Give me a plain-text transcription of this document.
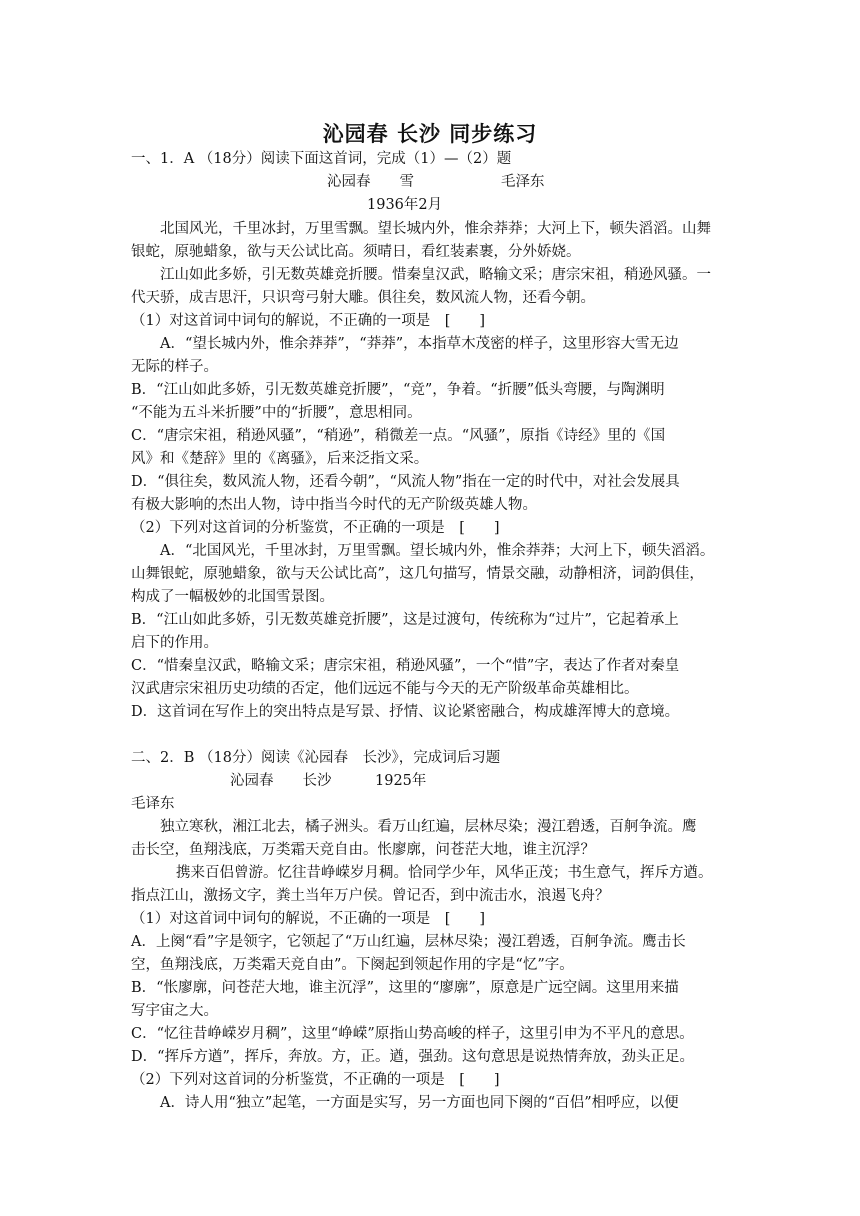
沁园春 长沙 同步练习
一、1．A （18分）阅读下面这首词，完成（1）—（2）题
沁园春　　雪　　　　　　毛泽东
1936年2月
北国风光，千里冰封，万里雪飘。望长城内外，惟余莽莽；大河上下，顿失滔滔。山舞
银蛇，原驰蜡象，欲与天公试比高。须晴日，看红装素裹，分外娇娆。
江山如此多娇，引无数英雄竞折腰。惜秦皇汉武，略输文采；唐宗宋祖，稍逊风骚。一
代天骄，成吉思汗，只识弯弓射大雕。俱往矣，数风流人物，还看今朝。
（1）对这首词中词句的解说，不正确的一项是　[　　]
A．“望长城内外，惟余莽莽”，“莽莽”，本指草木茂密的样子，这里形容大雪无边
无际的样子。
B．“江山如此多娇，引无数英雄竞折腰”，“竞”，争着。“折腰”低头弯腰，与陶渊明
“不能为五斗米折腰”中的“折腰”，意思相同。
C．“唐宗宋祖，稍逊风骚”，“稍逊”，稍微差一点。“风骚”，原指《诗经》里的《国
风》和《楚辞》里的《离骚》，后来泛指文采。
D．“俱往矣，数风流人物，还看今朝”，“风流人物”指在一定的时代中，对社会发展具
有极大影响的杰出人物，诗中指当今时代的无产阶级英雄人物。
（2）下列对这首词的分析鉴赏，不正确的一项是　[　　]
A．“北国风光，千里冰封，万里雪飘。望长城内外，惟余莽莽；大河上下，顿失滔滔。
山舞银蛇，原驰蜡象，欲与天公试比高”，这几句描写，情景交融，动静相济，词韵俱佳，
构成了一幅极妙的北国雪景图。
B．“江山如此多娇，引无数英雄竞折腰”，这是过渡句，传统称为“过片”，它起着承上
启下的作用。
C．“惜秦皇汉武，略输文采；唐宗宋祖，稍逊风骚”，一个“惜”字，表达了作者对秦皇
汉武唐宗宋祖历史功绩的否定，他们远远不能与今天的无产阶级革命英雄相比。
D．这首词在写作上的突出特点是写景、抒情、议论紧密融合，构成雄浑博大的意境。
二、2．B （18分）阅读《沁园春　长沙》，完成词后习题
沁园春　　长沙　　　1925年
毛译东
独立寒秋，湘江北去，橘子洲头。看万山红遍，层林尽染；漫江碧透，百舸争流。鹰
击长空，鱼翔浅底，万类霜天竞自由。怅廖廓，问苍茫大地，谁主沉浮？
携来百侣曾游。忆往昔峥嵘岁月稠。恰同学少年，风华正茂；书生意气，挥斥方遒。
指点江山，激扬文字，粪土当年万户侯。曾记否，到中流击水，浪遏飞舟？
（1）对这首词中词句的解说，不正确的一项是　[　　]
A．上阕“看”字是领字，它领起了“万山红遍，层林尽染；漫江碧透，百舸争流。鹰击长
空，鱼翔浅底，万类霜天竞自由”。下阕起到领起作用的字是“忆”字。
B．“怅廖廓，问苍茫大地，谁主沉浮”，这里的“廖廓”，原意是广远空阔。这里用来描
写宇宙之大。
C．“忆往昔峥嵘岁月稠”，这里“峥嵘”原指山势高峻的样子，这里引申为不平凡的意思。
D．“挥斥方遒”，挥斥，奔放。方，正。遒，强劲。这句意思是说热情奔放，劲头正足。
（2）下列对这首词的分析鉴赏，不正确的一项是　[　　]
A．诗人用“独立”起笔，一方面是实写，另一方面也同下阕的“百侣”相呼应，以便
